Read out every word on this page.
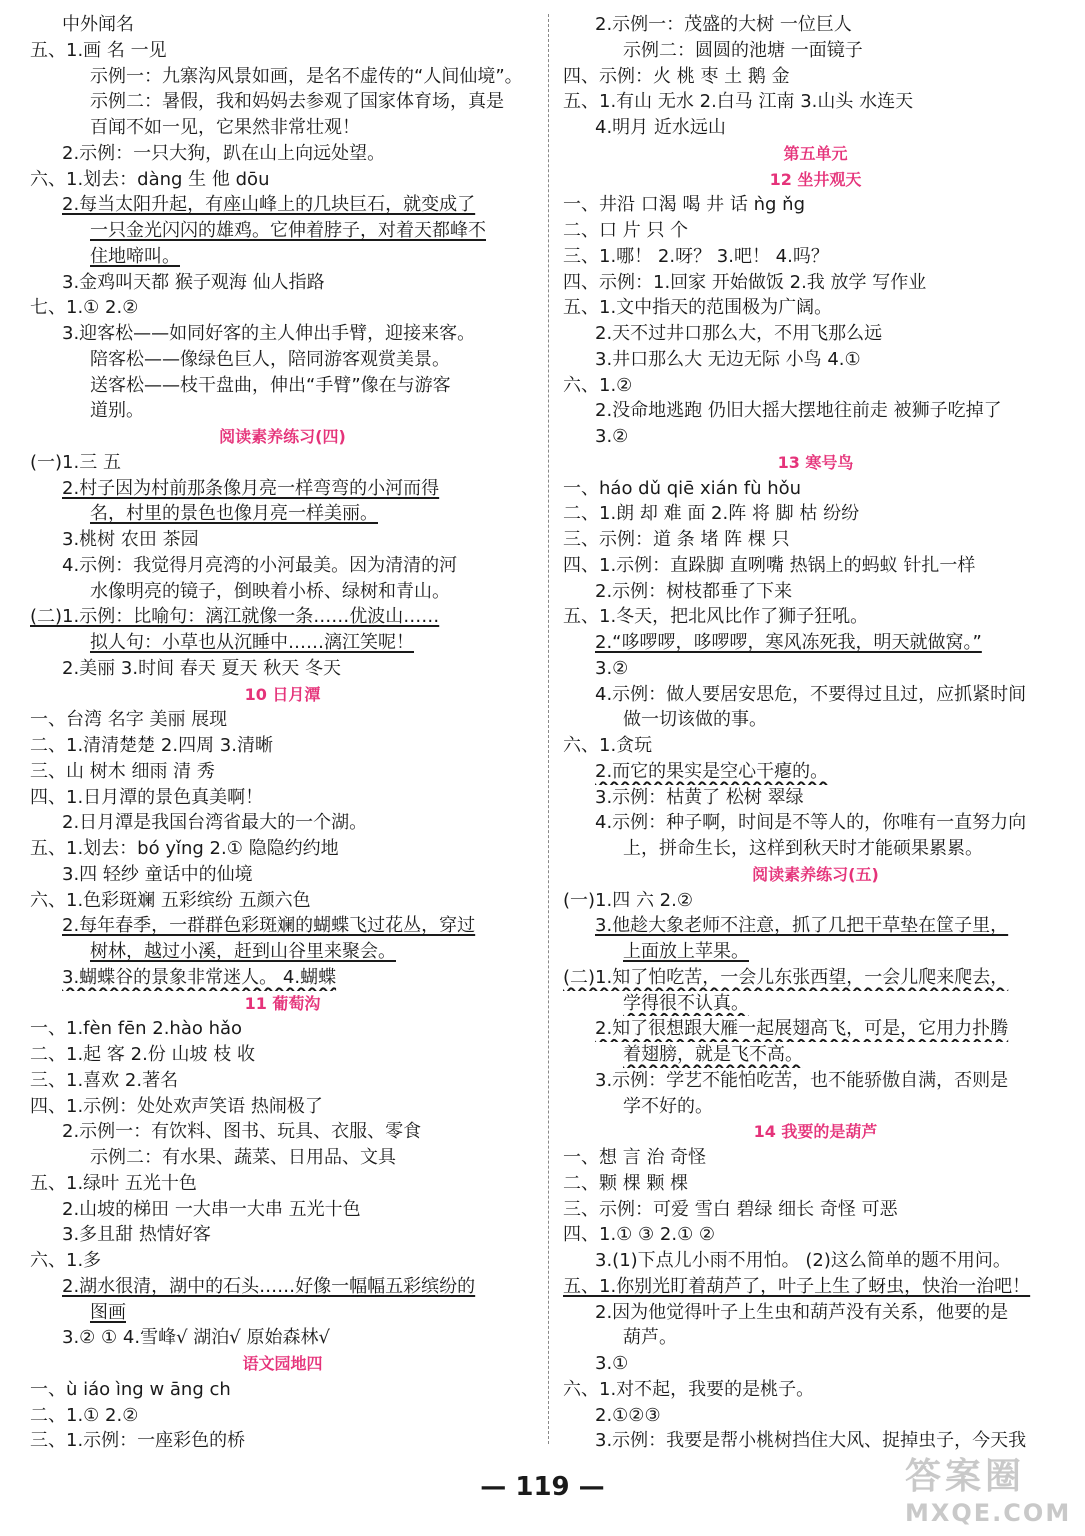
中外闻名
五、1.画 名 一见
示例一：九寨沟风景如画，是名不虚传的“人间仙境”。
示例二：暑假，我和妈妈去参观了国家体育场，真是
百闻不如一见，它果然非常壮观！
2.示例：一只大狗，趴在山上向远处望。
六、1.划去：dàng 生 他 dōu
2.每当太阳升起，有座山峰上的几块巨石，就变成了
一只金光闪闪的雄鸡。它伸着脖子，对着天都峰不
住地啼叫。
3.金鸡叫天都 猴子观海 仙人指路
七、1.① 2.②
3.迎客松——如同好客的主人伸出手臂，迎接来客。
陪客松——像绿色巨人，陪同游客观赏美景。
送客松——枝干盘曲，伸出“手臂”像在与游客
道别。
阅读素养练习(四)
(一)1.三 五
2.村子因为村前那条像月亮一样弯弯的小河而得
名，村里的景色也像月亮一样美丽。
3.桃树 农田 茶园
4.示例：我觉得月亮湾的小河最美。因为清清的河
水像明亮的镜子，倒映着小桥、绿树和青山。
(二)1.示例：比喻句：漓江就像一条……优波山……
拟人句：小草也从沉睡中……漓江笑呢！
2.美丽 3.时间 春天 夏天 秋天 冬天
10 日月潭
一、台湾 名字 美丽 展现
二、1.清清楚楚 2.四周 3.清晰
三、山 树木 细雨 清 秀
四、1.日月潭的景色真美啊！
2.日月潭是我国台湾省最大的一个湖。
五、1.划去：bó yǐng 2.① 隐隐约约地
3.四 轻纱 童话中的仙境
六、1.色彩斑斓 五彩缤纷 五颜六色
2.每年春季，一群群色彩斑斓的蝴蝶飞过花丛，穿过
树林，越过小溪，赶到山谷里来聚会。
3.蝴蝶谷的景象非常迷人。 4.蝴蝶
11 葡萄沟
一、1.fèn fēn 2.hào hǎo
二、1.起 客 2.份 山坡 枝 收
三、1.喜欢 2.著名
四、1.示例：处处欢声笑语 热闹极了
2.示例一：有饮料、图书、玩具、衣服、零食
示例二：有水果、蔬菜、日用品、文具
五、1.绿叶 五光十色
2.山坡的梯田 一大串一大串 五光十色
3.多且甜 热情好客
六、1.多
2.湖水很清，湖中的石头……好像一幅幅五彩缤纷的
图画
3.② ① 4.雪峰√ 湖泊√ 原始森林√
语文园地四
一、ù iáo ìng w āng ch
二、1.① 2.②
三、1.示例：一座彩色的桥
2.示例一：茂盛的大树 一位巨人
示例二：圆圆的池塘 一面镜子
四、示例：火 桃 枣 土 鹅 金
五、1.有山 无水 2.白马 江南 3.山头 水连天
4.明月 近水远山
第五单元
12 坐井观天
一、井沿 口渴 喝 井 话 ǹg ňg
二、口 片 只 个
三、1.哪！ 2.呀？ 3.吧！ 4.吗？
四、示例：1.回家 开始做饭 2.我 放学 写作业
五、1.文中指天的范围极为广阔。
2.天不过井口那么大，不用飞那么远
3.井口那么大 无边无际 小鸟 4.①
六、1.②
2.没命地逃跑 仍旧大摇大摆地往前走 被狮子吃掉了
3.②
13 寒号鸟
一、háo dǔ qiē xián fù hǒu
二、1.朗 却 难 面 2.阵 将 脚 枯 纷纷
三、示例：道 条 堵 阵 棵 只
四、1.示例：直跺脚 直咧嘴 热锅上的蚂蚁 针扎一样
2.示例：树枝都垂了下来
五、1.冬天，把北风比作了狮子狂吼。
2.“哆啰啰，哆啰啰，寒风冻死我，明天就做窝。”
3.②
4.示例：做人要居安思危，不要得过且过，应抓紧时间
做一切该做的事。
六、1.贪玩
2.而它的果实是空心干瘪的。
3.示例：枯黄了 松树 翠绿
4.示例：种子啊，时间是不等人的，你唯有一直努力向
上，拼命生长，这样到秋天时才能硕果累累。
阅读素养练习(五)
(一)1.四 六 2.②
3.他趁大象老师不注意，抓了几把干草垫在筐子里，
上面放上苹果。
(二)1.知了怕吃苦，一会儿东张西望，一会儿爬来爬去，
学得很不认真。
2.知了很想跟大雁一起展翅高飞，可是，它用力扑腾
着翅膀，就是飞不高。
3.示例：学艺不能怕吃苦，也不能骄傲自满，否则是
学不好的。
14 我要的是葫芦
一、想 言 治 奇怪
二、颗 棵 颗 棵
三、示例：可爱 雪白 碧绿 细长 奇怪 可恶
四、1.① ③ 2.① ②
3.(1)下点儿小雨不用怕。 (2)这么简单的题不用问。
五、1.你别光盯着葫芦了，叶子上生了蚜虫，快治一治吧！
2.因为他觉得叶子上生虫和葫芦没有关系，他要的是
葫芦。
3.①
六、1.对不起，我要的是桃子。
2.①②③
3.示例：我要是帮小桃树挡住大风、捉掉虫子，今天我
— 119 —	答案圈
MXQE.COM
